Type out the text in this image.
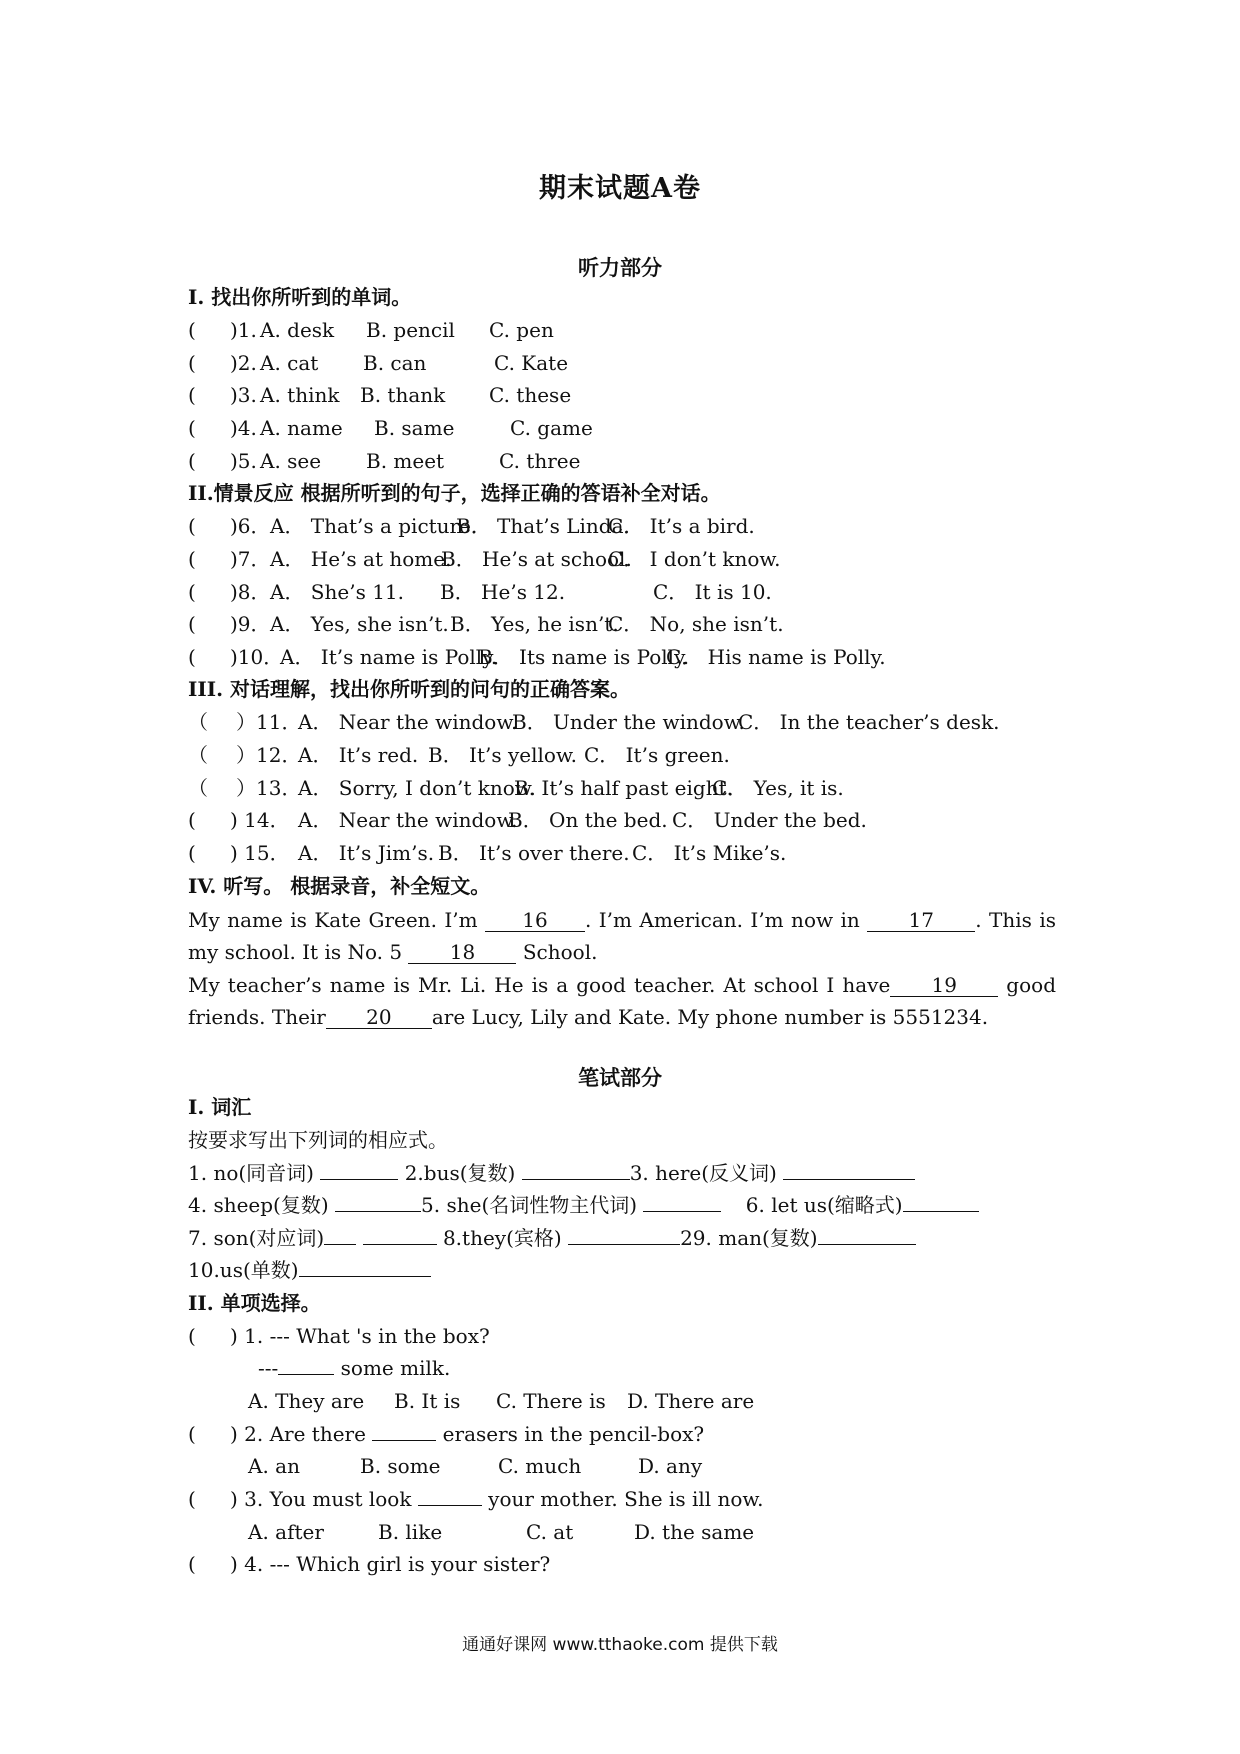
期末试题A卷
听力部分
I. 找出你所听到的单词。
( )1. A. desk B. pencil C. pen
( )2. A. cat B. can	C. Kate
( )3. A. think B. thank C. these
( )4. A. name B. same	C. game
( )5. A. see B. meet	C. three
II.情景反应 根据所听到的句子，选择正确的答语补全对话。
( )6． A． That’s a picture.
B． That’s Linda.
C． It’s a bird.
( )7． A． He’s at home.
B． He’s at school.
C． I don’t know.
( )8． A． She’s 11. B． He’s 12.	C． It is 10.
( )9． A． Yes, she isn’t. B． Yes, he isn’t.
C． No, she isn’t.
( )10．
A． It’s name is Polly.
B． Its name is Polly.
C． His name is Polly.
III. 对话理解，找出你所听到的问句的正确答案。
（ ）11．
A． Near the window.
B． Under the window.
C． In the teacher’s desk.
（ ）12．
A． It’s red. B． It’s yellow. C． It’s green.
（ ）13．
A． Sorry, I don’t know.
B. It’s half past eight.
C． Yes, it is.
( ) 14． A． Near the window.
B． On the bed. C． Under the bed.
( ) 15． A． It’s Jim’s. B． It’s over there. C． It’s Mike’s.
IV. 听写。 根据录音，补全短文。
My name is Kate Green. I’m 16 . I’m American. I’m now in 17 . This is my school. It is No. 5 18 School.
My teacher’s name is Mr. Li. He is a good teacher. At school I have 19 good friends. Their 20 are Lucy, Lily and Kate. My phone number is 5551234.
笔试部分
I. 词汇
按要求写出下列词的相应式。
1. no(同音词)	2.bus(复数)	3. here(反义词)
4. sheep(复数)	5. she(名词性物主代词)	6. let us(缩略式)
7. son(对应词)	8.they(宾格)	29. man(复数)
10.us(单数)
II. 单项选择。
( ) 1. --- What 's in the box?
---	some milk.
A. They are B. It is C. There is D. There are
( ) 2. Are there	erasers in the pencil-box?
A. an	B. some	C. much	D. any
( ) 3. You must look	your mother. She is ill now.
A. after	B. like	C. at	D. the same
( ) 4. --- Which girl is your sister?
通通好课网 www.tthaoke.com 提供下载
